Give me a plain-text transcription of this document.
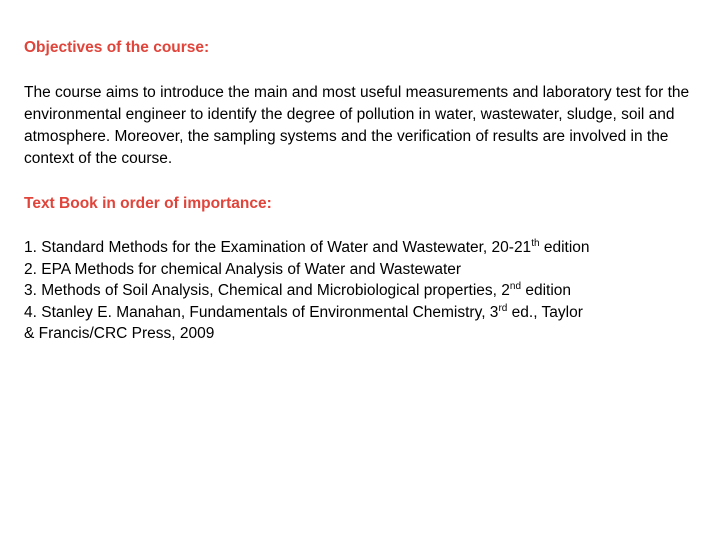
Objectives of the course:

The course aims to introduce the main and most useful measurements and laboratory test for the environmental engineer to identify the degree of pollution in water, wastewater, sludge, soil and atmosphere. Moreover, the sampling systems and the verification of results are involved in the context of the course.

Text Book in order of importance:

1. Standard Methods for the Examination of Water and Wastewater, 20-21th edition
2. EPA Methods for chemical Analysis of Water and Wastewater
3. Methods of Soil Analysis, Chemical and Microbiological properties, 2nd edition
4. Stanley E. Manahan, Fundamentals of Environmental Chemistry, 3rd ed., Taylor
& Francis/CRC Press, 2009
